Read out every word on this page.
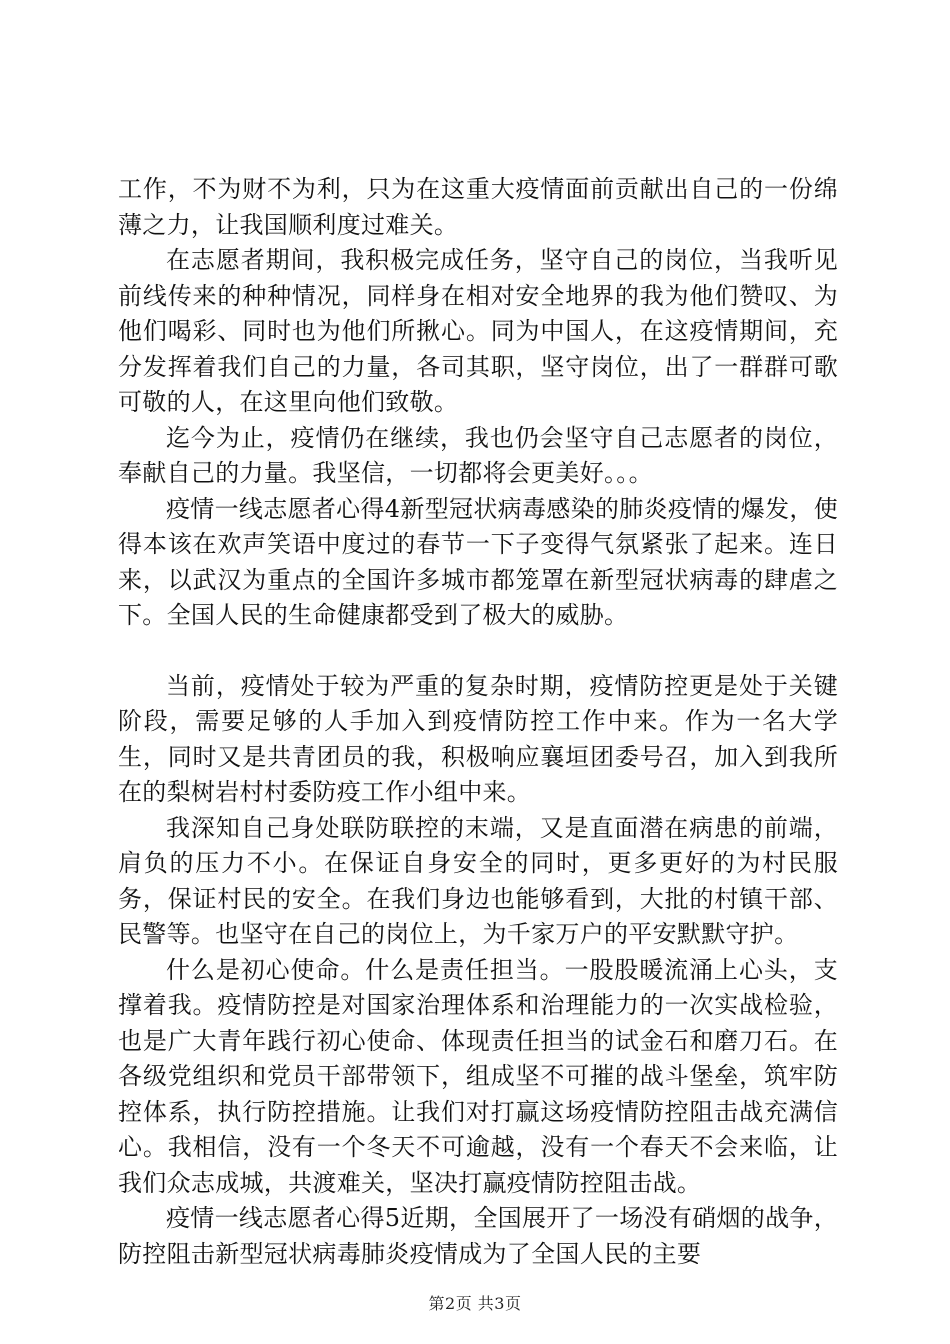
工作，不为财不为利，只为在这重大疫情面前贡献出自己的一份绵薄之力，让我国顺利度过难关。

在志愿者期间，我积极完成任务，坚守自己的岗位，当我听见前线传来的种种情况，同样身在相对安全地界的我为他们赞叹、为他们喝彩、同时也为他们所揪心。同为中国人，在这疫情期间，充分发挥着我们自己的力量，各司其职，坚守岗位，出了一群群可歌可敬的人，在这里向他们致敬。

迄今为止，疫情仍在继续，我也仍会坚守自己志愿者的岗位，奉献自己的力量。我坚信，一切都将会更美好。。。

疫情一线志愿者心得4新型冠状病毒感染的肺炎疫情的爆发，使得本该在欢声笑语中度过的春节一下子变得气氛紧张了起来。连日来，以武汉为重点的全国许多城市都笼罩在新型冠状病毒的肆虐之下。全国人民的生命健康都受到了极大的威胁。

当前，疫情处于较为严重的复杂时期，疫情防控更是处于关键阶段，需要足够的人手加入到疫情防控工作中来。作为一名大学生，同时又是共青团员的我，积极响应襄垣团委号召，加入到我所在的梨树岩村村委防疫工作小组中来。

我深知自己身处联防联控的末端，又是直面潜在病患的前端，肩负的压力不小。在保证自身安全的同时，更多更好的为村民服务，保证村民的安全。在我们身边也能够看到，大批的村镇干部、民警等。也坚守在自己的岗位上，为千家万户的平安默默守护。

什么是初心使命。什么是责任担当。一股股暖流涌上心头，支撑着我。疫情防控是对国家治理体系和治理能力的一次实战检验，也是广大青年践行初心使命、体现责任担当的试金石和磨刀石。在各级党组织和党员干部带领下，组成坚不可摧的战斗堡垒，筑牢防控体系，执行防控措施。让我们对打赢这场疫情防控阻击战充满信心。我相信，没有一个冬天不可逾越，没有一个春天不会来临，让我们众志成城，共渡难关，坚决打赢疫情防控阻击战。

疫情一线志愿者心得5近期，全国展开了一场没有硝烟的战争，防控阻击新型冠状病毒肺炎疫情成为了全国人民的主要

第2页 共3页
